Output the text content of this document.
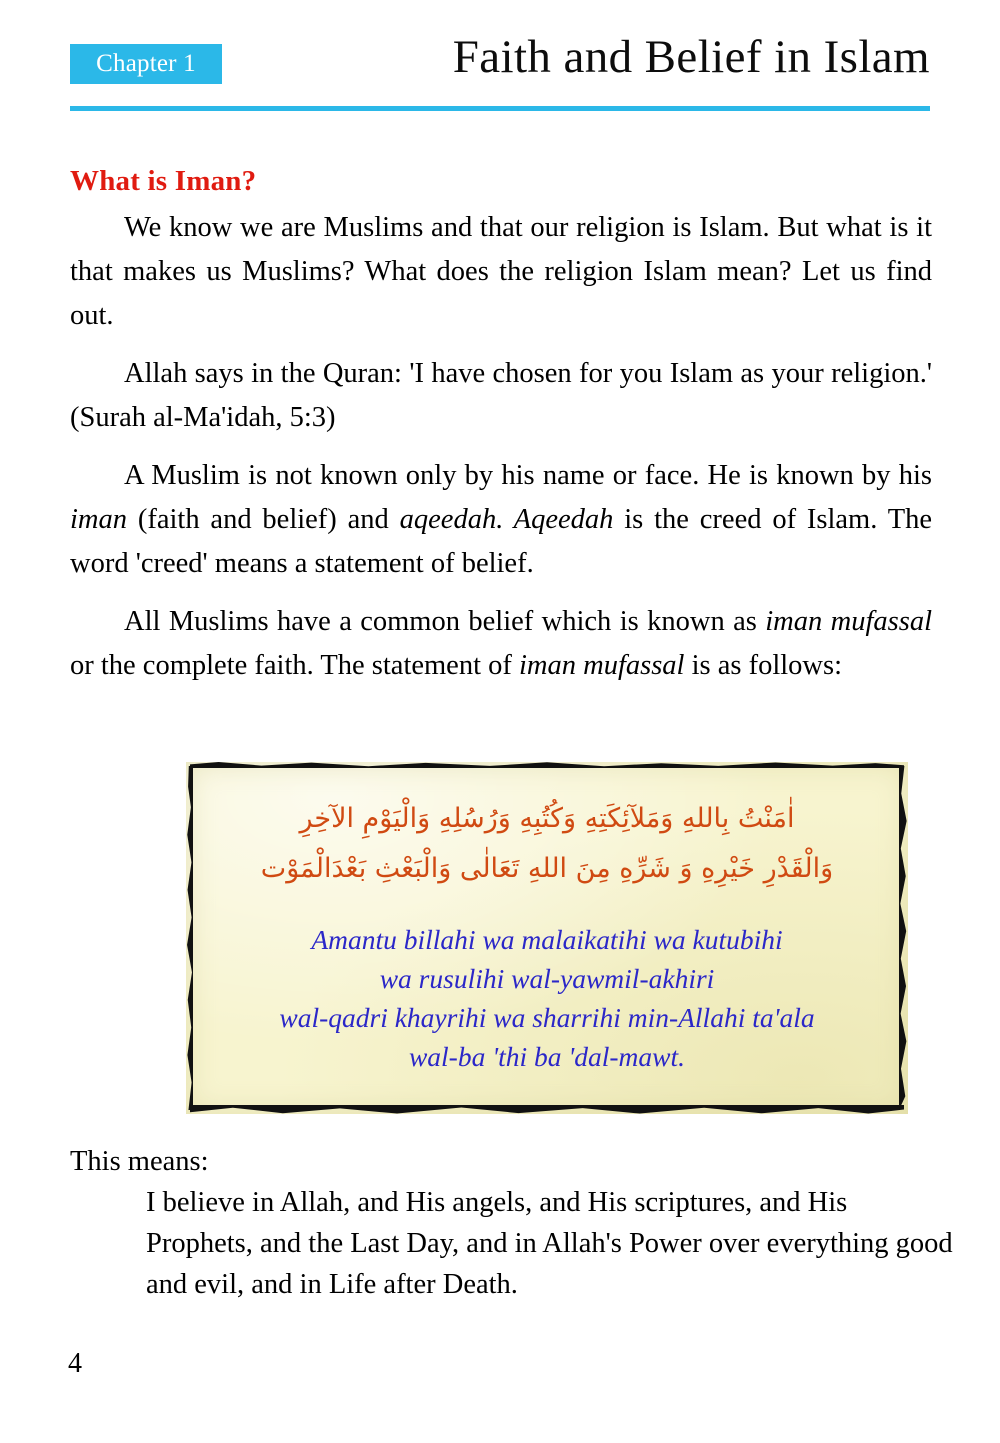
Chapter 1	Faith and Belief in Islam
What is Iman?

We know we are Muslims and that our religion is Islam. But what is it that makes us Muslims? What does the religion Islam mean? Let us find out.

Allah says in the Quran: 'I have chosen for you Islam as your religion.' (Surah al-Ma'idah, 5:3)

A Muslim is not known only by his name or face. He is known by his iman (faith and belief) and aqeedah. Aqeedah is the creed of Islam. The word 'creed' means a statement of belief.

All Muslims have a common belief which is known as iman mufassal or the complete faith. The statement of iman mufassal is as follows:

اٰمَنْتُ بِاللهِ وَمَلآئِكَتِهِ وَكُتُبِهِ وَرُسُلِهِ وَالْيَوْمِ الآخِرِ
وَالْقَدْرِ خَيْرِهِ وَ شَرِّهِ مِنَ اللهِ تَعَالٰى وَالْبَعْثِ بَعْدَالْمَوْت
Amantu billahi wa malaikatihi wa kutubihi
wa rusulihi wal-yawmil-akhiri
wal-qadri khayrihi wa sharrihi min-Allahi ta'ala
wal-ba 'thi ba 'dal-mawt.
This means:
I believe in Allah, and His angels, and His scriptures, and His Prophets, and the Last Day, and in Allah's Power over everything good and evil, and in Life after Death.
4
